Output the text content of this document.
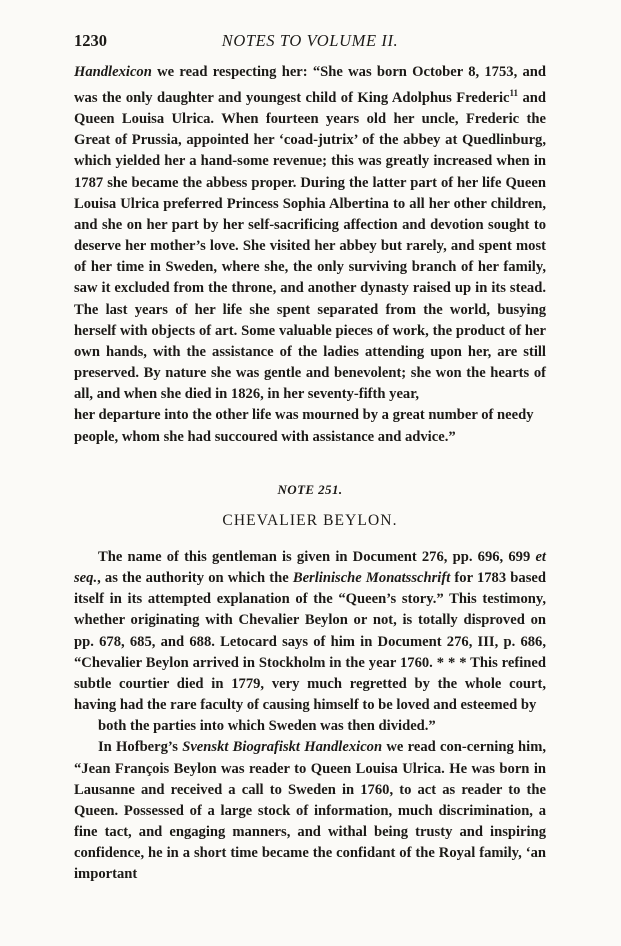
1230	NOTES TO VOLUME II.

Handlexicon we read respecting her: “She was born October 8, 1753, and was the only daughter and youngest child of King Adolphus Frederic$^{11}$ and Queen Louisa Ulrica. When fourteen years old her uncle, Frederic the Great of Prussia, appointed her ‘coad-jutrix’ of the abbey at Quedlinburg, which yielded her a hand-some revenue; this was greatly increased when in 1787 she became the abbess proper. During the latter part of her life Queen Louisa Ulrica preferred Princess Sophia Albertina to all her other children, and she on her part by her self-sacrificing affection and devotion sought to deserve her mother’s love. She visited her abbey but rarely, and spent most of her time in Sweden, where she, the only surviving branch of her family, saw it excluded from the throne, and another dynasty raised up in its stead. The last years of her life she spent separated from the world, busying herself with objects of art. Some valuable pieces of work, the product of her own hands, with the assistance of the ladies attending upon her, are still preserved. By nature she was gentle and benevolent; she won the hearts of all, and when she died in 1826, in her seventy-fifth year,
her departure into the other life was mourned by a great number of needy people, whom she had succoured with assistance and advice.”

NOTE 251.
CHEVALIER BEYLON.

The name of this gentleman is given in Document 276, pp. 696, 699 et seq., as the authority on which the Berlinische Monatsschrift for 1783 based itself in its attempted explanation of the “Queen’s story.” This testimony, whether originating with Chevalier Beylon or not, is totally disproved on pp. 678, 685, and 688. Letocard says of him in Document 276, III, p. 686, “Chevalier Beylon arrived in Stockholm in the year 1760. * * * This refined subtle courtier died in 1779, very much regretted by the whole court, having had the rare faculty of causing himself to be loved and esteemed by
both the parties into which Sweden was then divided.”

In Hofberg’s Svenskt Biografiskt Handlexicon we read con-cerning him, “Jean François Beylon was reader to Queen Louisa Ulrica. He was born in Lausanne and received a call to Sweden in 1760, to act as reader to the Queen. Possessed of a large stock of information, much discrimination, a fine tact, and engaging manners, and withal being trusty and inspiring confidence, he in a short time became the confidant of the Royal family, ‘an important
